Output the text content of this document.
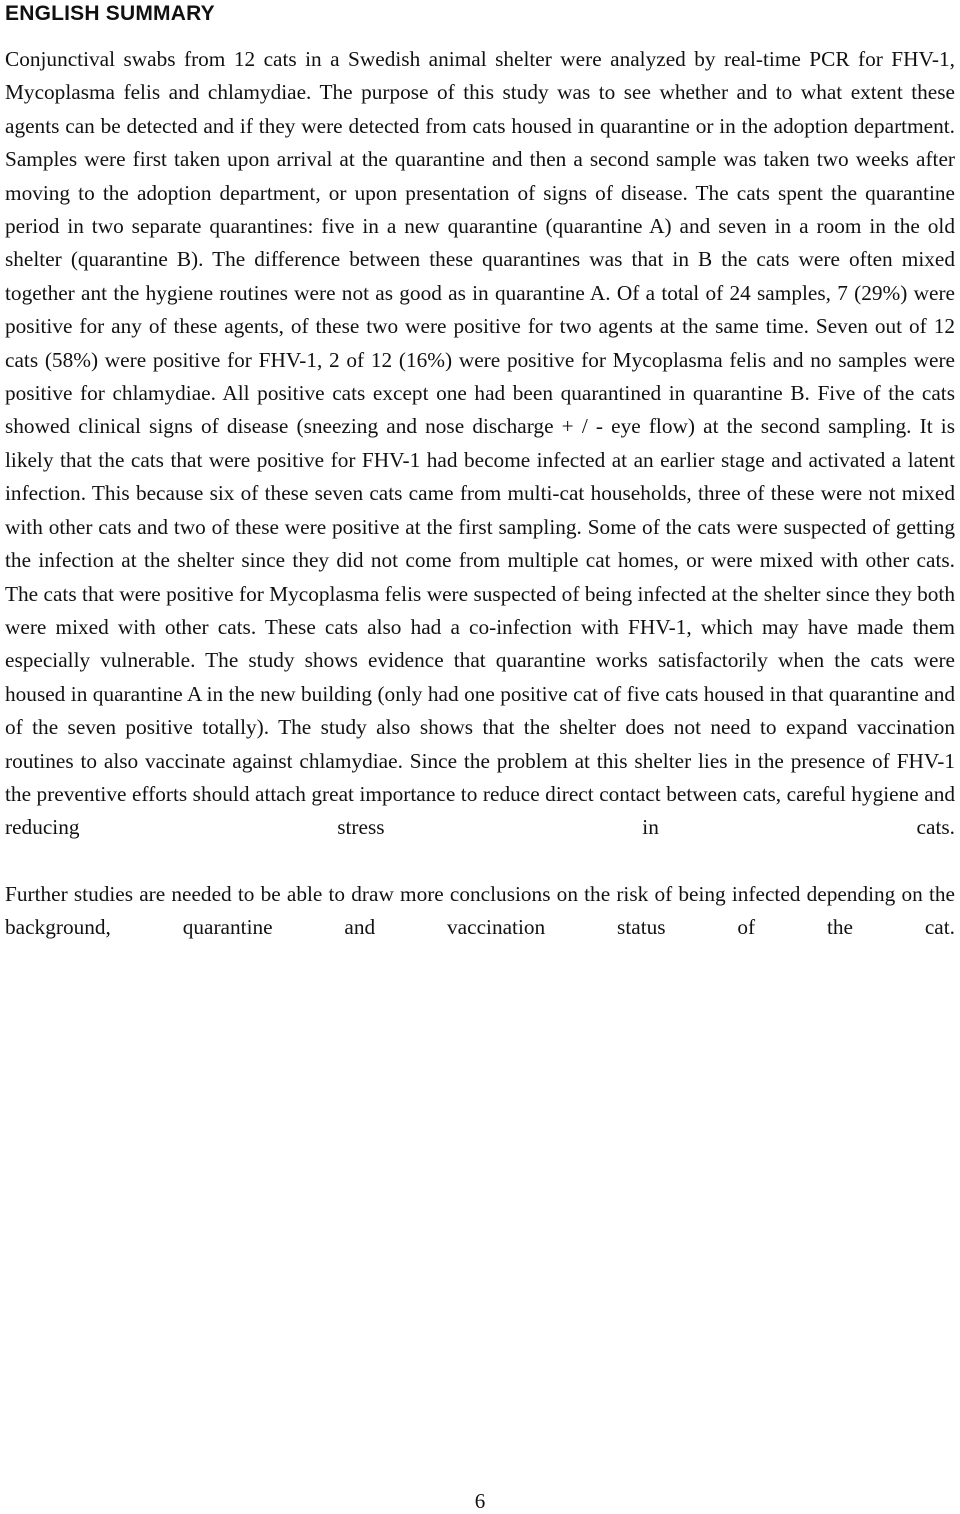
ENGLISH SUMMARY

Conjunctival swabs from 12 cats in a Swedish animal shelter were analyzed by real-time PCR for FHV-1, Mycoplasma felis and chlamydiae. The purpose of this study was to see whether and to what extent these agents can be detected and if they were detected from cats housed in quarantine or in the adoption department. Samples were first taken upon arrival at the quarantine and then a second sample was taken two weeks after moving to the adoption department, or upon presentation of signs of disease. The cats spent the quarantine period in two separate quarantines: five in a new quarantine (quarantine A) and seven in a room in the old shelter (quarantine B). The difference between these quarantines was that in B the cats were often mixed together ant the hygiene routines were not as good as in quarantine A. Of a total of 24 samples, 7 (29%) were positive for any of these agents, of these two were positive for two agents at the same time. Seven out of 12 cats (58%) were positive for FHV-1, 2 of 12 (16%) were positive for Mycoplasma felis and no samples were positive for chlamydiae. All positive cats except one had been quarantined in quarantine B. Five of the cats showed clinical signs of disease (sneezing and nose discharge + / - eye flow) at the second sampling. It is likely that the cats that were positive for FHV-1 had become infected at an earlier stage and activated a latent infection. This because six of these seven cats came from multi-cat households, three of these were not mixed with other cats and two of these were positive at the first sampling. Some of the cats were suspected of getting the infection at the shelter since they did not come from multiple cat homes, or were mixed with other cats. The cats that were positive for Mycoplasma felis were suspected of being infected at the shelter since they both were mixed with other cats. These cats also had a co-infection with FHV-1, which may have made them especially vulnerable. The study shows evidence that quarantine works satisfactorily when the cats were housed in quarantine A in the new building (only had one positive cat of five cats housed in that quarantine and of the seven positive totally). The study also shows that the shelter does not need to expand vaccination routines to also vaccinate against chlamydiae. Since the problem at this shelter lies in the presence of FHV-1 the preventive efforts should attach great importance to reduce direct contact between cats, careful hygiene and reducing stress in cats.

Further studies are needed to be able to draw more conclusions on the risk of being infected depending on the background, quarantine and vaccination status of the cat.

6
